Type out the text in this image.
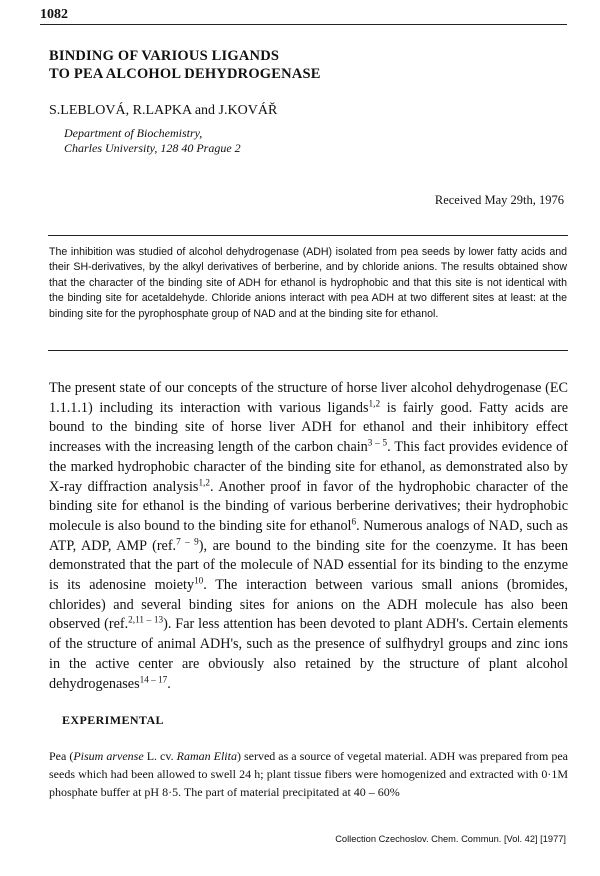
1082
BINDING OF VARIOUS LIGANDS
TO PEA ALCOHOL DEHYDROGENASE
S.LEBLOVÁ, R.LAPKA and J.KOVÁŘ
Department of Biochemistry,
Charles University, 128 40 Prague 2
Received May 29th, 1976

The inhibition was studied of alcohol dehydrogenase (ADH) isolated from pea seeds by lower fatty acids and their SH-derivatives, by the alkyl derivatives of berberine, and by chloride anions. The results obtained show that the character of the binding site of ADH for ethanol is hydrophobic and that this site is not identical with the binding site for acetaldehyde. Chloride anions interact with pea ADH at two different sites at least: at the binding site for the pyrophosphate group of NAD and at the binding site for ethanol.

The present state of our concepts of the structure of horse liver alcohol dehydrogenase (EC 1.1.1.1) including its interaction with various ligands$^{1,2}$ is fairly good. Fatty acids are bound to the binding site of horse liver ADH for ethanol and their inhibitory effect increases with the increasing length of the carbon chain$^{3 - 5}$. This fact provides evidence of the marked hydrophobic character of the binding site for ethanol, as demonstrated also by X-ray diffraction analysis$^{1,2}$. Another proof in favor of the hydrophobic character of the binding site for ethanol is the binding of various berberine derivatives; their hydrophobic molecule is also bound to the binding site for ethanol$^6$. Numerous analogs of NAD, such as ATP, ADP, AMP (ref.$^{7 - 9}$), are bound to the binding site for the coenzyme. It has been demonstrated that the part of the molecule of NAD essential for its binding to the enzyme is its adenosine moiety$^{10}$. The interaction between various small anions (bromides, chlorides) and several binding sites for anions on the ADH molecule has also been observed (ref.$^{2,11 - 13}$). Far less attention has been devoted to plant ADH's. Certain elements of the structure of animal ADH's, such as the presence of sulfhydryl groups and zinc ions in the active center are obviously also retained by the structure of plant alcohol dehydrogenases$^{14 - 17}$.

EXPERIMENTAL

Pea (Pisum arvense L. cv. Raman Elita) served as a source of vegetal material. ADH was prepared from pea seeds which had been allowed to swell 24 h; plant tissue fibers were homogenized and extracted with 0·1M phosphate buffer at pH 8·5. The part of material precipitated at 40 – 60%

Collection Czechoslov. Chem. Commun. [Vol. 42] [1977]
